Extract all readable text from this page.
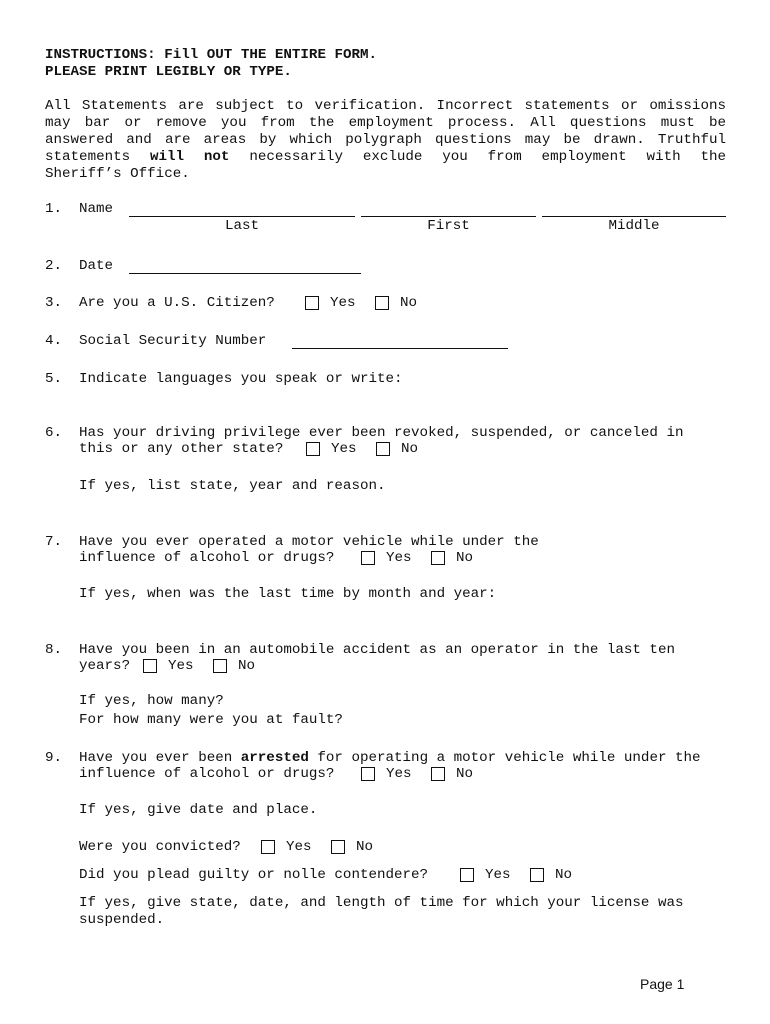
INSTRUCTIONS: Fill OUT THE ENTIRE FORM.
PLEASE PRINT LEGIBLY OR TYPE.
All Statements are subject to verification. Incorrect statements or omissions
may bar or remove you from the employment process. All questions must be
answered and are areas by which polygraph questions may be drawn. Truthful
statements will not necessarily exclude you from employment with the
Sheriff’s Office.
1. Name
Last	First	Middle
2. Date
3. Are you a U.S. Citizen?	Yes	No
4. Social Security Number
5. Indicate languages you speak or write:
6. Has your driving privilege ever been revoked, suspended, or canceled in
this or any other state?	Yes	No
If yes, list state, year and reason.
7. Have you ever operated a motor vehicle while under the
influence of alcohol or drugs?	Yes	No
If yes, when was the last time by month and year:
8. Have you been in an automobile accident as an operator in the last ten
years?	Yes	No
If yes, how many?
For how many were you at fault?
9. Have you ever been arrested for operating a motor vehicle while under the
influence of alcohol or drugs?	Yes	No
If yes, give date and place.
Were you convicted?	Yes	No
Did you plead guilty or nolle contendere?	Yes	No
If yes, give state, date, and length of time for which your license was
suspended.
Page 1
